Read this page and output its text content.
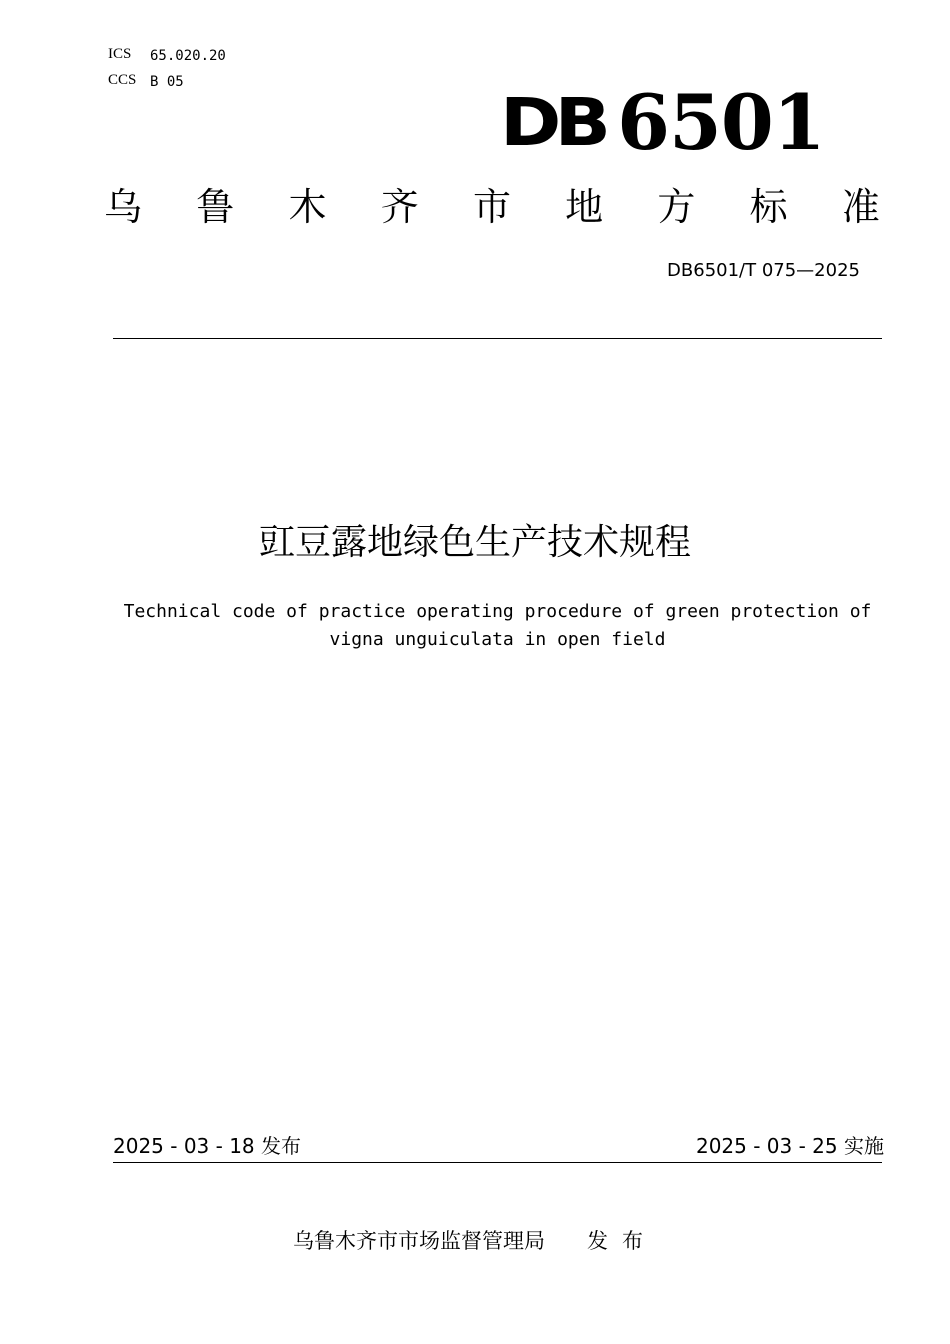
ICS 65.020.20
CCS B 05
DB 6501
乌 鲁 木 齐 市 地 方 标 准
DB6501/T 075—2025
豇豆露地绿色生产技术规程
Technical code of practice operating procedure of green protection of vigna unguiculata in open field
2025 - 03 - 18 发布	2025 - 03 - 25 实施
乌鲁木齐市市场监督管理局 发布
